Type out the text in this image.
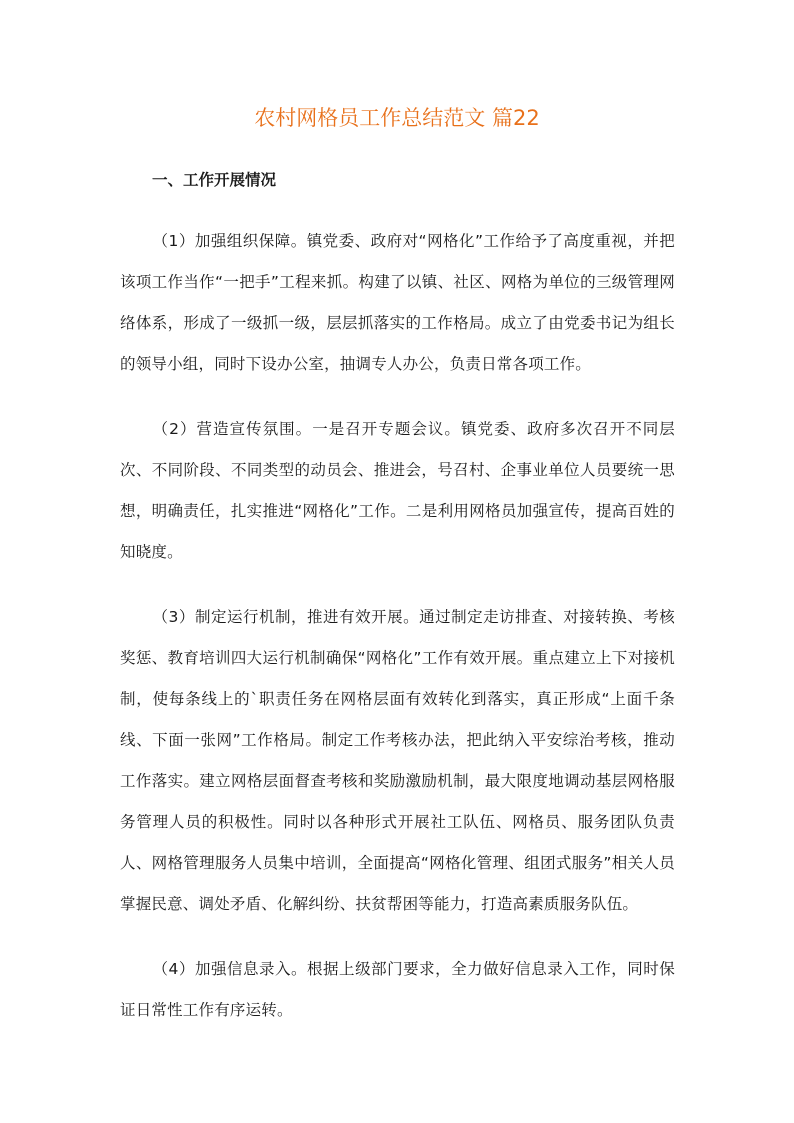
农村网格员工作总结范文 篇22
一、工作开展情况

（1）加强组织保障。镇党委、政府对“网格化”工作给予了高度重视，并把该项工作当作“一把手”工程来抓。构建了以镇、社区、网格为单位的三级管理网络体系，形成了一级抓一级，层层抓落实的工作格局。成立了由党委书记为组长的领导小组，同时下设办公室，抽调专人办公，负责日常各项工作。

（2）营造宣传氛围。一是召开专题会议。镇党委、政府多次召开不同层次、不同阶段、不同类型的动员会、推进会，号召村、企事业单位人员要统一思想，明确责任，扎实推进“网格化”工作。二是利用网格员加强宣传，提高百姓的知晓度。

（3）制定运行机制，推进有效开展。通过制定走访排查、对接转换、考核奖惩、教育培训四大运行机制确保“网格化”工作有效开展。重点建立上下对接机制，使每条线上的`职责任务在网格层面有效转化到落实，真正形成“上面千条线、下面一张网”工作格局。制定工作考核办法，把此纳入平安综治考核，推动工作落实。建立网格层面督查考核和奖励激励机制，最大限度地调动基层网格服务管理人员的积极性。同时以各种形式开展社工队伍、网格员、服务团队负责人、网格管理服务人员集中培训，全面提高“网格化管理、组团式服务”相关人员掌握民意、调处矛盾、化解纠纷、扶贫帮困等能力，打造高素质服务队伍。

（4）加强信息录入。根据上级部门要求，全力做好信息录入工作，同时保证日常性工作有序运转。
